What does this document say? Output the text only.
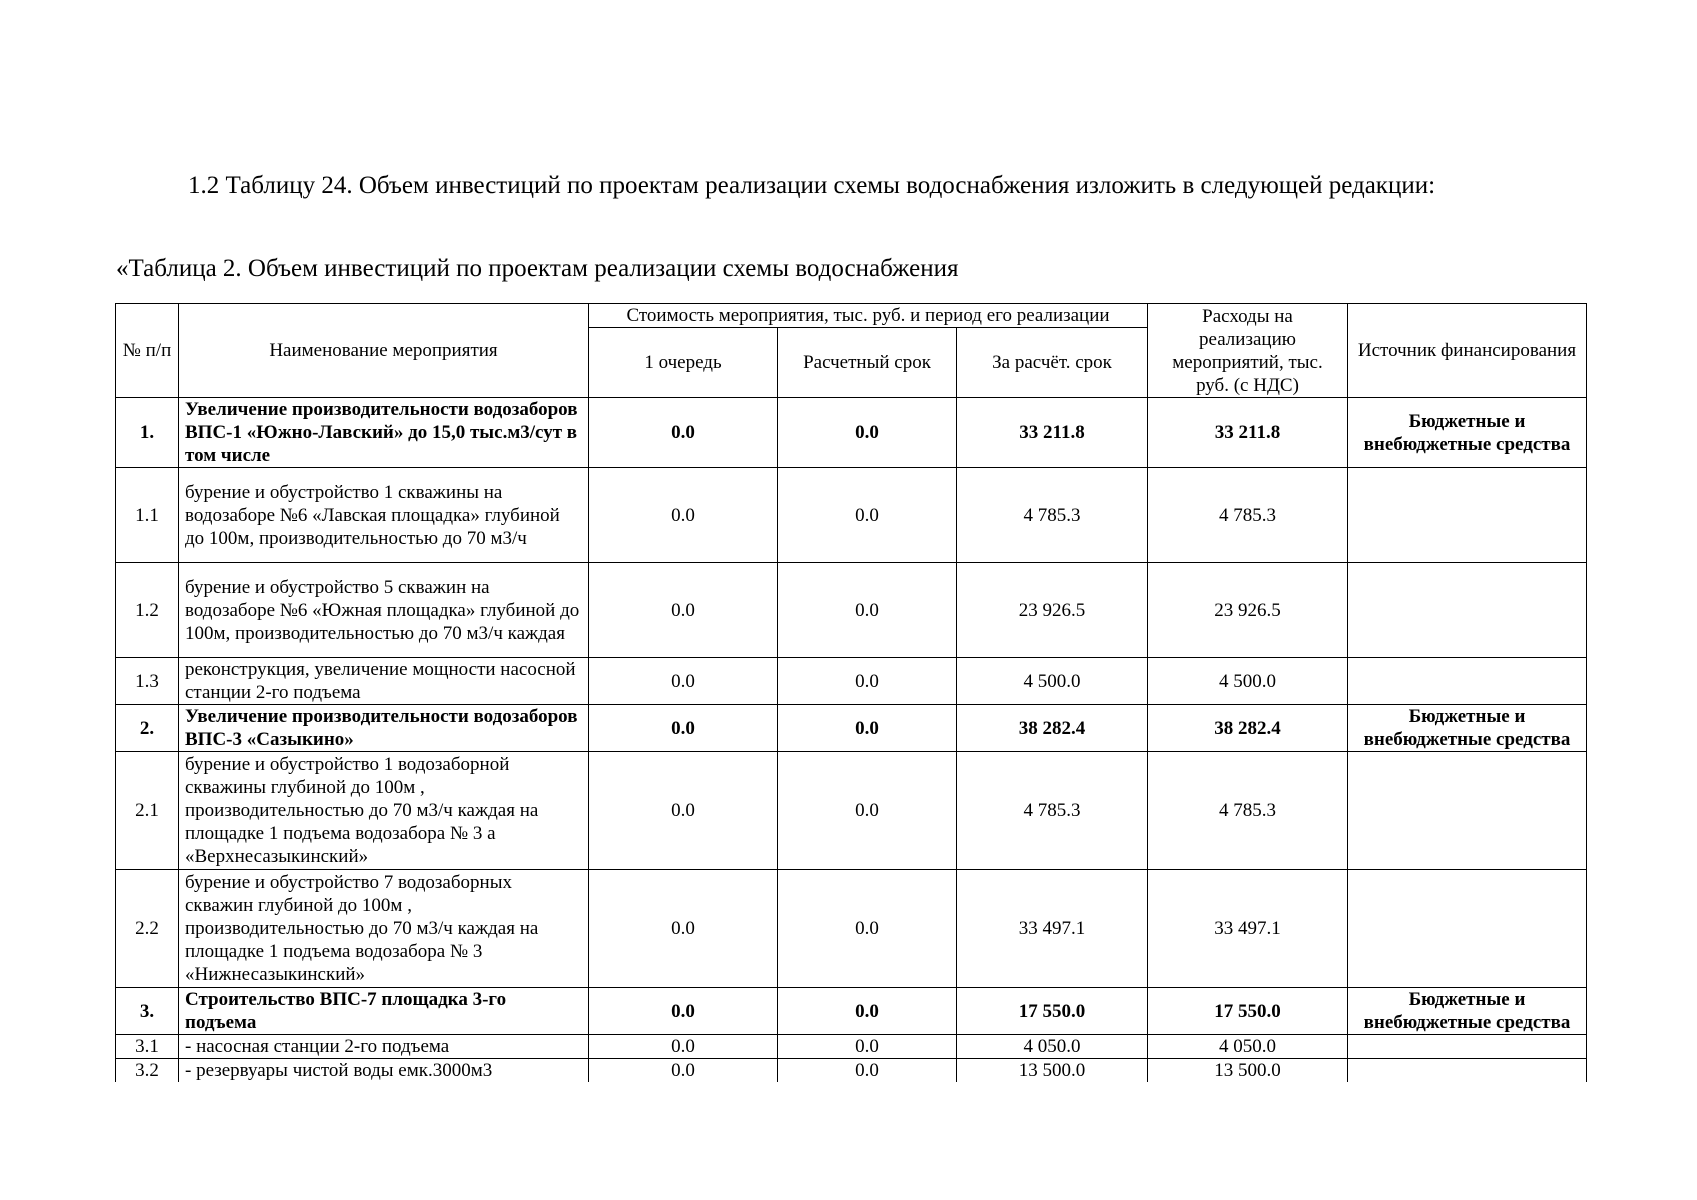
1.2 Таблицу 24. Объем инвестиций по проектам реализации схемы водоснабжения изложить в следующей редакции:
«Таблица 2. Объем инвестиций по проектам реализации схемы водоснабжения
№ п/п	Наименование мероприятия	Стоимость мероприятия, тыс. руб. и период его реализации			Расходы на реализацию мероприятий, тыс. руб. (с НДС)	Источник финансирования
		1 очередь	Расчетный срок	За расчёт. срок		
1.	Увеличение производительности водозаборов ВПС-1 «Южно-Лавский» до 15,0 тыс.м3/сут в том числе	0.0	0.0	33 211.8	33 211.8	Бюджетные и внебюджетные средства
1.1	бурение и обустройство 1 скважины на водозаборе №6 «Лавская площадка» глубиной до 100м, производительностью до 70 м3/ч	0.0	0.0	4 785.3	4 785.3	
1.2	бурение и обустройство 5 скважин на водозаборе №6 «Южная площадка» глубиной до 100м, производительностью до 70 м3/ч каждая	0.0	0.0	23 926.5	23 926.5	
1.3	реконструкция, увеличение мощности насосной станции 2-го подъема	0.0	0.0	4 500.0	4 500.0	
2.	Увеличение производительности водозаборов ВПС-3 «Сазыкино»	0.0	0.0	38 282.4	38 282.4	Бюджетные и внебюджетные средства
2.1	бурение и обустройство 1 водозаборной скважины глубиной до 100м , производительностью до 70 м3/ч каждая на площадке 1 подъема водозабора № 3 а «Верхнесазыкинский»	0.0	0.0	4 785.3	4 785.3	
2.2	бурение и обустройство 7 водозаборных скважин глубиной до 100м , производительностью до 70 м3/ч каждая на площадке 1 подъема водозабора № 3 «Нижнесазыкинский»	0.0	0.0	33 497.1	33 497.1	
3.	Строительство ВПС-7 площадка 3-го подъема	0.0	0.0	17 550.0	17 550.0	Бюджетные и внебюджетные средства
3.1	- насосная станции 2-го подъема	0.0	0.0	4 050.0	4 050.0	
3.2	- резервуары чистой воды емк.3000м3	0.0	0.0	13 500.0	13 500.0	
